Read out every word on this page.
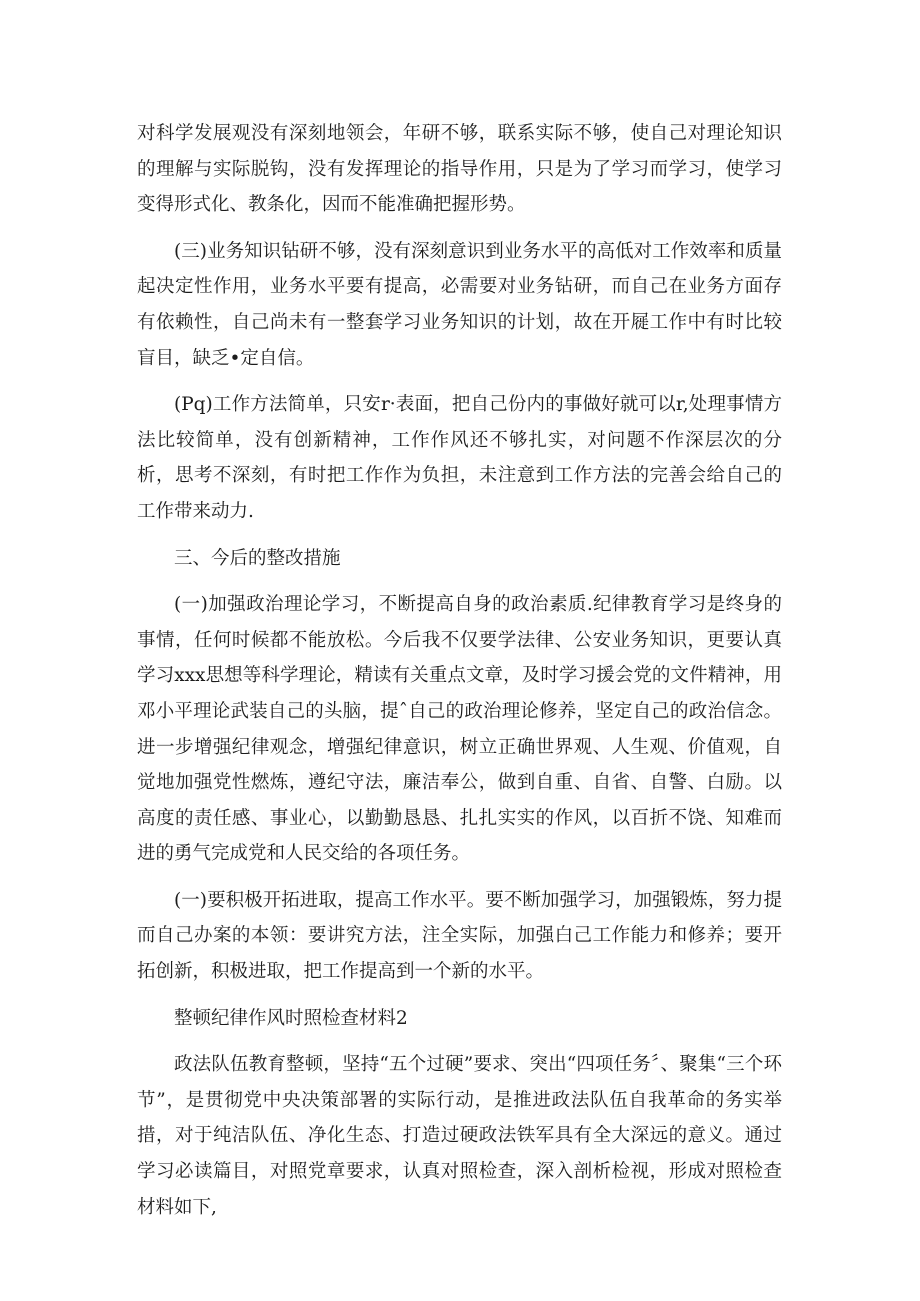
对科学发展观没有深刻地领会，年研不够，联系实际不够，使自己对理论知识的理解与实际脱钩，没有发挥理论的指导作用，只是为了学习而学习，使学习变得形式化、教条化，因而不能准确把握形势。

(三)业务知识钻研不够，没有深刻意识到业务水平的高低对工作效率和质量起决定性作用，业务水平要有提高，必需要对业务钻研，而自己在业务方面存有依赖性，自己尚未有一整套学习业务知识的计划，故在开屣工作中有时比较盲目，缺乏•定自信。

(Pq)工作方法简单，只安r·表面，把自己份内的事做好就可以r,处理事情方法比较简单，没有创新精神，工作作风还不够扎实，对问题不作深层次的分析，思考不深刻，有时把工作作为负担，未注意到工作方法的完善会给自己的工作带来动力.

三、今后的整改措施

(一)加强政治理论学习，不断提高自身的政治素质.纪律教育学习是终身的事情，任何时候都不能放松。今后我不仅要学法律、公安业务知识，更要认真学习xxx思想等科学理论，精读有关重点文章，及时学习援会党的文件精神，用邓小平理论武装自己的头脑，提ˆ自己的政治理论修养，坚定自己的政治信念。进一步增强纪律观念，增强纪律意识，树立正确世界观、人生观、价值观，自觉地加强党性燃炼，遵纪守法，廉洁奉公，做到自重、自省、自警、白励。以高度的责任感、事业心，以勤勤恳恳、扎扎实实的作风，以百折不饶、知难而进的勇气完成党和人民交给的各项任务。

(一)要积极开拓进取，提高工作水平。要不断加强学习，加强锻炼，努力提而自己办案的本领：要讲究方法，注全实际，加强白己工作能力和修养；要开拓创新，积极进取，把工作提高到一个新的水平。

整顿纪律作风时照检查材料2

政法队伍教育整顿，坚持“五个过硬”要求、突出“四项任务〞、聚集“三个环节”，是贯彻党中央决策部署的实际行动，是推进政法队伍自我革命的务实举措，对于纯洁队伍、净化生态、打造过硬政法铁军具有全大深远的意义。通过学习必读篇目，对照党章要求，认真对照检查，深入剖析检视，形成对照检查材料如下,
